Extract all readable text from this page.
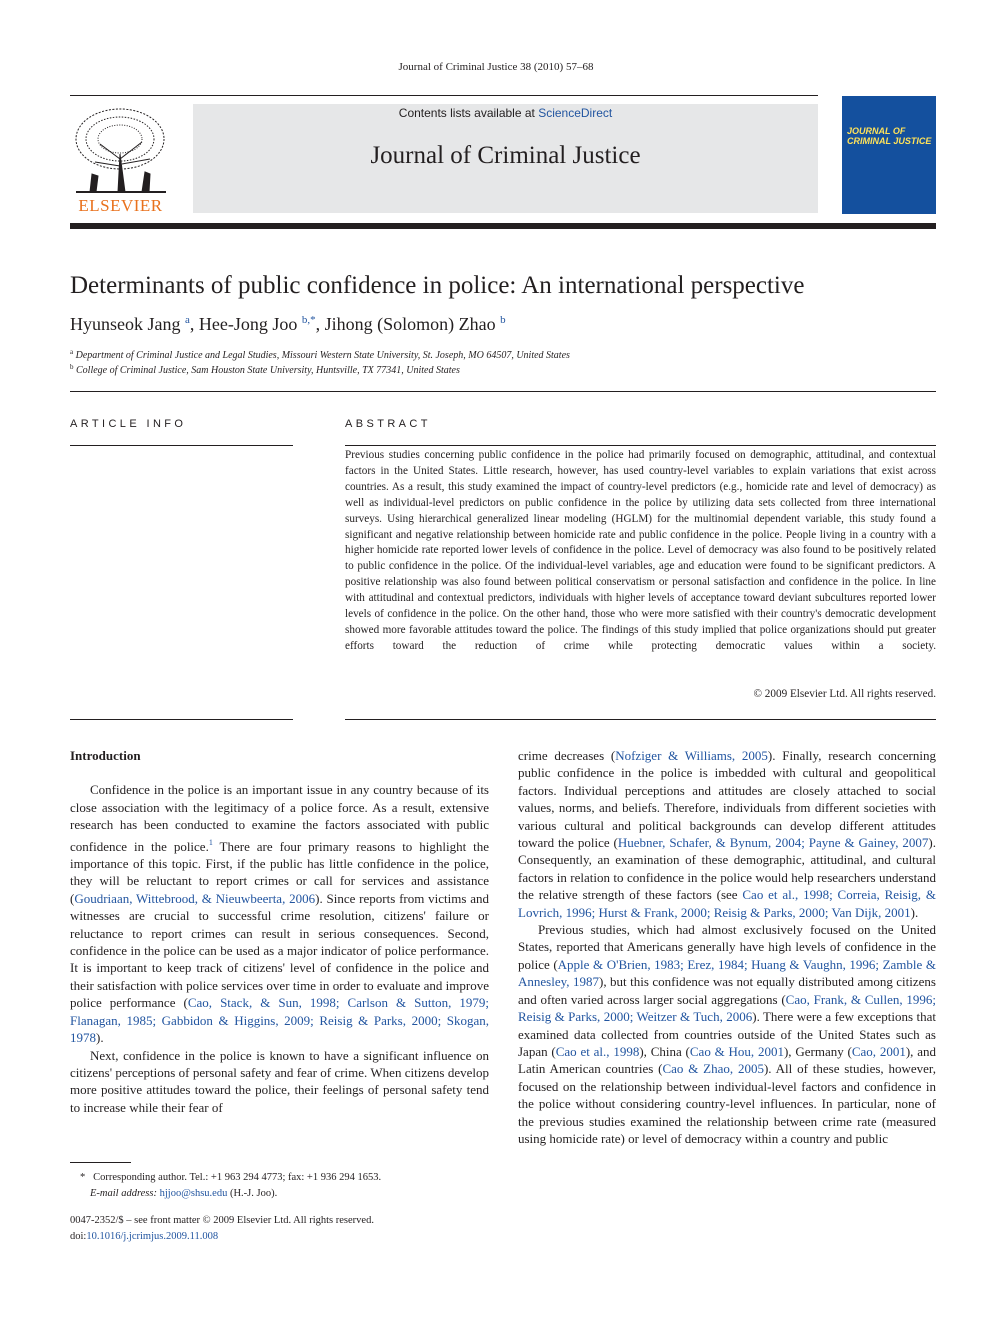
Journal of Criminal Justice 38 (2010) 57–68
Contents lists available at ScienceDirect
Journal of Criminal Justice
ELSEVIER
JOURNAL OF CRIMINAL JUSTICE
Determinants of public confidence in police: An international perspective
Hyunseok Jang $^a$, Hee-Jong Joo $^{b,*}$, Jihong (Solomon) Zhao $^b$
$^a$ Department of Criminal Justice and Legal Studies, Missouri Western State University, St. Joseph, MO 64507, United States
$^b$ College of Criminal Justice, Sam Houston State University, Huntsville, TX 77341, United States
ARTICLE INFO	ABSTRACT

Previous studies concerning public confidence in the police had primarily focused on demographic, attitudinal, and contextual factors in the United States. Little research, however, has used country-level variables to explain variations that exist across countries. As a result, this study examined the impact of country-level predictors (e.g., homicide rate and level of democracy) as well as individual-level predictors on public confidence in the police by utilizing data sets collected from three international surveys. Using hierarchical generalized linear modeling (HGLM) for the multinomial dependent variable, this study found a significant and negative relationship between homicide rate and public confidence in the police. People living in a country with a higher homicide rate reported lower levels of confidence in the police. Level of democracy was also found to be positively related to public confidence in the police. Of the individual-level variables, age and education were found to be significant predictors. A positive relationship was also found between political conservatism or personal satisfaction and confidence in the police. In line with attitudinal and contextual predictors, individuals with higher levels of acceptance toward deviant subcultures reported lower levels of confidence in the police. On the other hand, those who were more satisfied with their country's democratic development showed more favorable attitudes toward the police. The findings of this study implied that police organizations should put greater efforts toward the reduction of crime while protecting democratic values within a society.

© 2009 Elsevier Ltd. All rights reserved.
Introduction

Confidence in the police is an important issue in any country because of its close association with the legitimacy of a police force. As a result, extensive research has been conducted to examine the factors associated with public confidence in the police.$^1$ There are four primary reasons to highlight the importance of this topic. First, if the public has little confidence in the police, they will be reluctant to report crimes or call for services and assistance (Goudriaan, Wittebrood, & Nieuwbeerta, 2006). Since reports from victims and witnesses are crucial to successful crime resolution, citizens' failure or reluctance to report crimes can result in serious consequences. Second, confidence in the police can be used as a major indicator of police performance. It is important to keep track of citizens' level of confidence in the police and their satisfaction with police services over time in order to evaluate and improve police performance (Cao, Stack, & Sun, 1998; Carlson & Sutton, 1979; Flanagan, 1985; Gabbidon & Higgins, 2009; Reisig & Parks, 2000; Skogan, 1978).

Next, confidence in the police is known to have a significant influence on citizens' perceptions of personal safety and fear of crime. When citizens develop more positive attitudes toward the police, their feelings of personal safety tend to increase while their fear of

crime decreases (Nofziger & Williams, 2005). Finally, research concerning public confidence in the police is imbedded with cultural and geopolitical factors. Individual perceptions and attitudes are closely attached to social values, norms, and beliefs. Therefore, individuals from different societies with various cultural and political backgrounds can develop different attitudes toward the police (Huebner, Schafer, & Bynum, 2004; Payne & Gainey, 2007). Consequently, an examination of these demographic, attitudinal, and cultural factors in relation to confidence in the police would help researchers understand the relative strength of these factors (see Cao et al., 1998; Correia, Reisig, & Lovrich, 1996; Hurst & Frank, 2000; Reisig & Parks, 2000; Van Dijk, 2001).

Previous studies, which had almost exclusively focused on the United States, reported that Americans generally have high levels of confidence in the police (Apple & O'Brien, 1983; Erez, 1984; Huang & Vaughn, 1996; Zamble & Annesley, 1987), but this confidence was not equally distributed among citizens and often varied across larger social aggregations (Cao, Frank, & Cullen, 1996; Reisig & Parks, 2000; Weitzer & Tuch, 2006). There were a few exceptions that examined data collected from countries outside of the United States such as Japan (Cao et al., 1998), China (Cao & Hou, 2001), Germany (Cao, 2001), and Latin American countries (Cao & Zhao, 2005). All of these studies, however, focused on the relationship between individual-level factors and confidence in the police without considering country-level influences. In particular, none of the previous studies examined the relationship between crime rate (measured using homicide rate) or level of democracy within a country and public

* Corresponding author. Tel.: +1 963 294 4773; fax: +1 936 294 1653.
E-mail address: hjjoo@shsu.edu (H.-J. Joo).
0047-2352/$ – see front matter © 2009 Elsevier Ltd. All rights reserved.
doi:10.1016/j.jcrimjus.2009.11.008
